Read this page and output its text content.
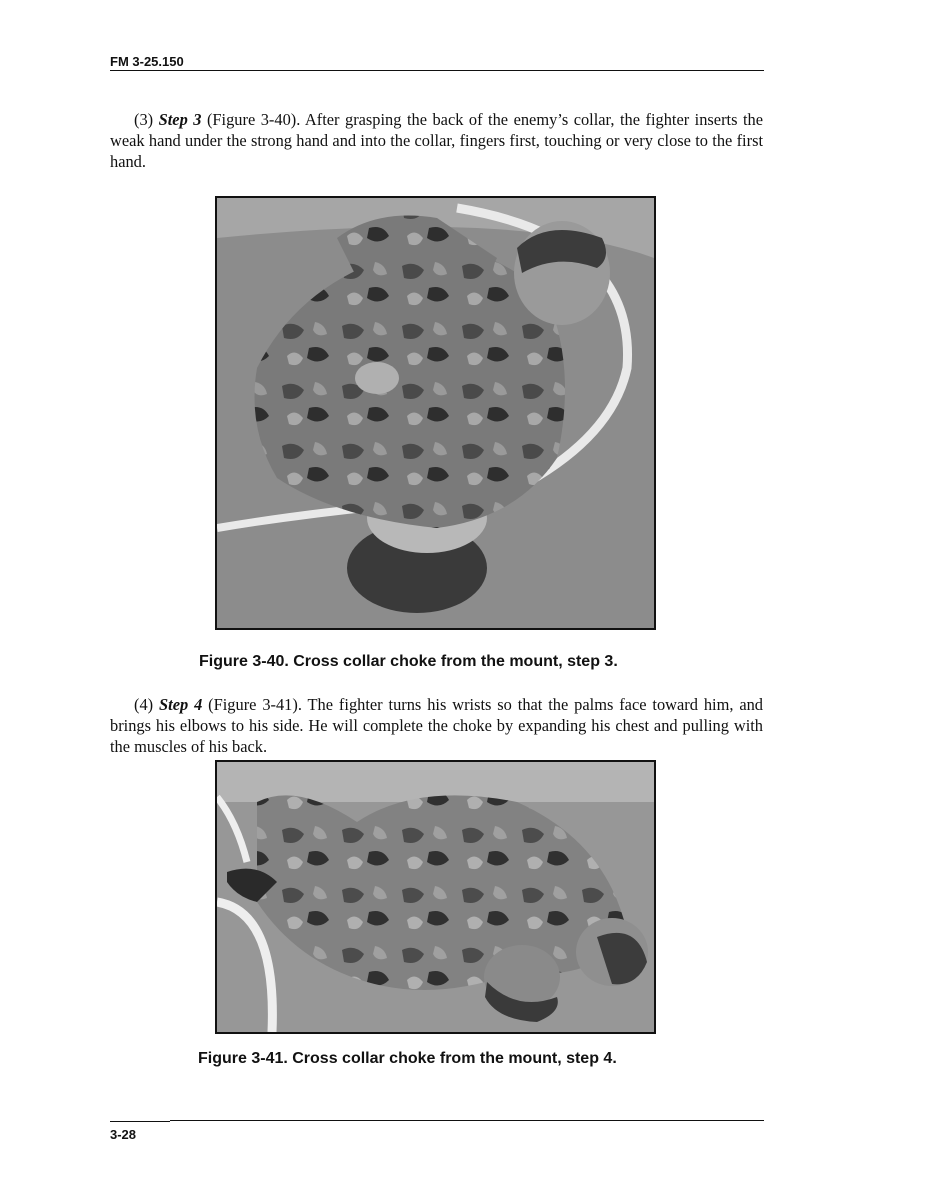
FM 3-25.150

(3) Step 3 (Figure 3-40). After grasping the back of the enemy’s collar, the fighter inserts the weak hand under the strong hand and into the collar, fingers first, touching or very close to the first hand.

Figure 3-40. Cross collar choke from the mount, step 3.

(4) Step 4 (Figure 3-41). The fighter turns his wrists so that the palms face toward him, and brings his elbows to his side. He will complete the choke by expanding his chest and pulling with the muscles of his back.

Figure 3-41. Cross collar choke from the mount, step 4.
3-28
